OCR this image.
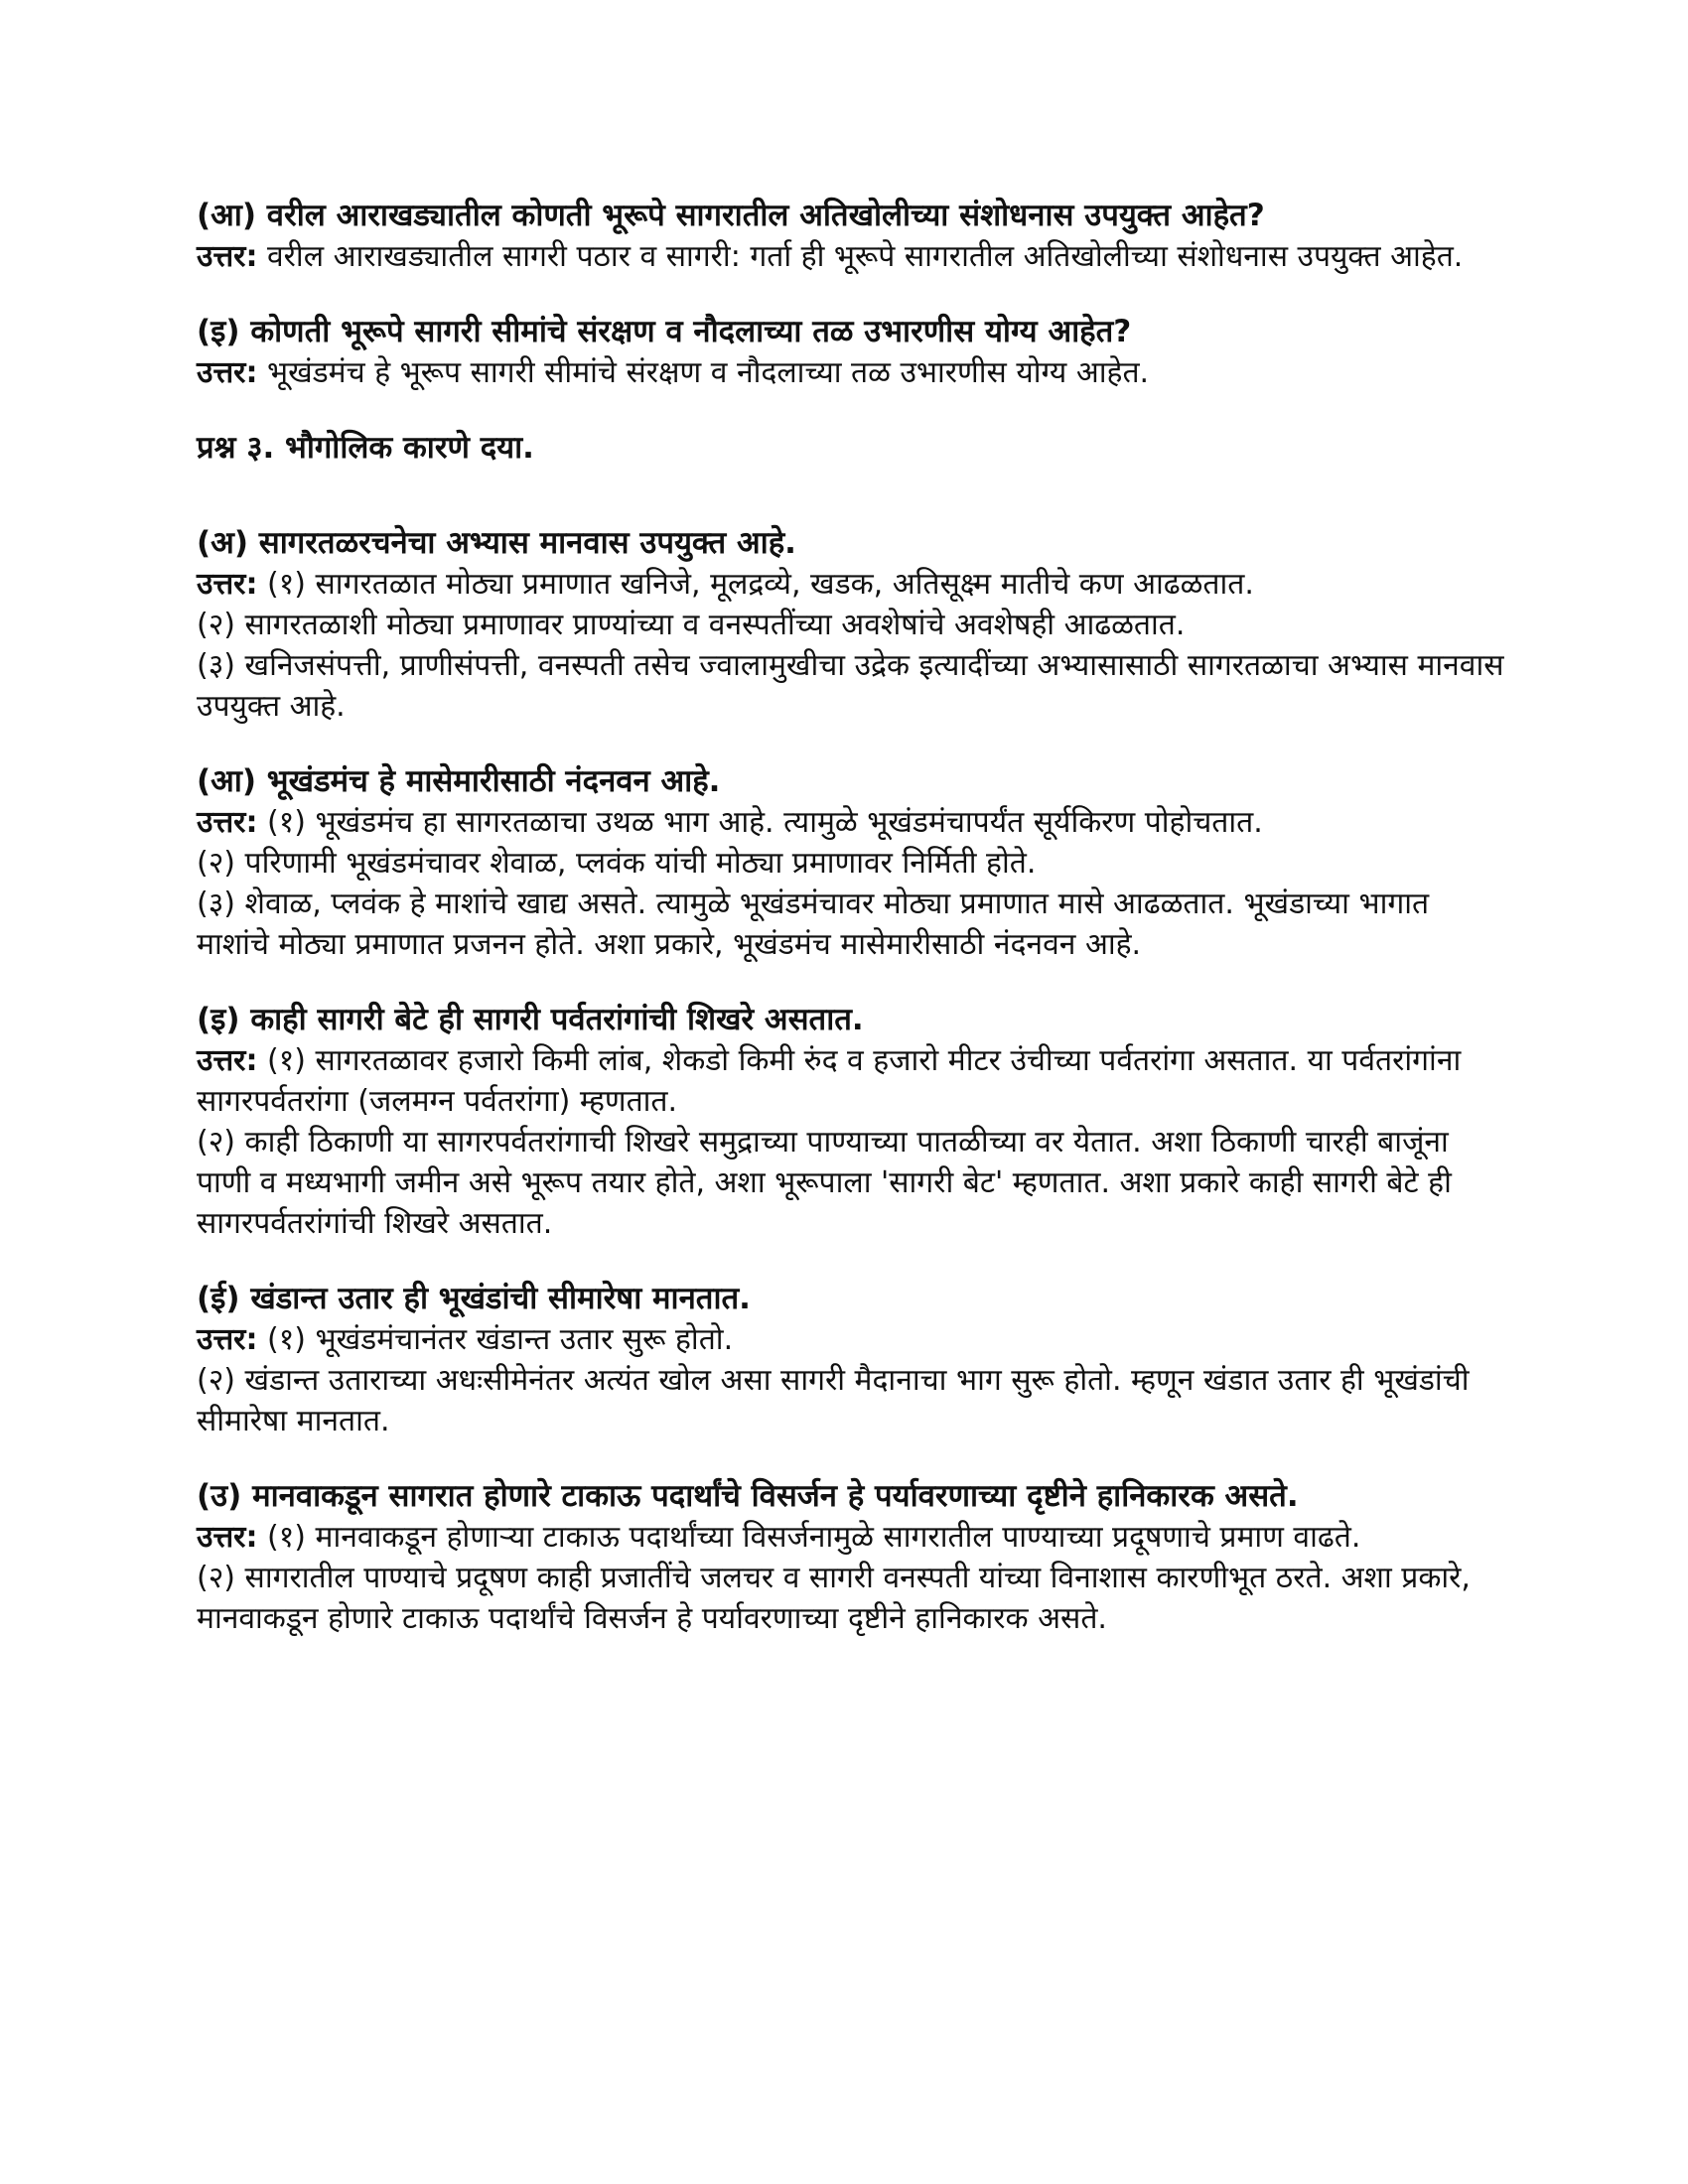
(आ) वरील आराखड्यातील कोणती भूरूपे सागरातील अतिखोलीच्या संशोधनास उपयुक्त आहेत?

उत्तर: वरील आराखड्यातील सागरी पठार व सागरी: गर्ता ही भूरूपे सागरातील अतिखोलीच्या संशोधनास उपयुक्त आहेत.

(इ) कोणती भूरूपे सागरी सीमांचे संरक्षण व नौदलाच्या तळ उभारणीस योग्य आहेत?

उत्तर: भूखंडमंच हे भूरूप सागरी सीमांचे संरक्षण व नौदलाच्या तळ उभारणीस योग्य आहेत.

प्रश्न ३. भौगोलिक कारणे दया.

(अ) सागरतळरचनेचा अभ्यास मानवास उपयुक्त आहे.

उत्तर: (१) सागरतळात मोठ्या प्रमाणात खनिजे, मूलद्रव्ये, खडक, अतिसूक्ष्म मातीचे कण आढळतात.

(२) सागरतळाशी मोठ्या प्रमाणावर प्राण्यांच्या व वनस्पतींच्या अवशेषांचे अवशेषही आढळतात.

(३) खनिजसंपत्ती, प्राणीसंपत्ती, वनस्पती तसेच ज्वालामुखीचा उद्रेक इत्यादींच्या अभ्यासासाठी सागरतळाचा अभ्यास मानवास उपयुक्त आहे.

(आ) भूखंडमंच हे मासेमारीसाठी नंदनवन आहे.

उत्तर: (१) भूखंडमंच हा सागरतळाचा उथळ भाग आहे. त्यामुळे भूखंडमंचापर्यंत सूर्यकिरण पोहोचतात.

(२) परिणामी भूखंडमंचावर शेवाळ, प्लवंक यांची मोठ्या प्रमाणावर निर्मिती होते.

(३) शेवाळ, प्लवंक हे माशांचे खाद्य असते. त्यामुळे भूखंडमंचावर मोठ्या प्रमाणात मासे आढळतात. भूखंडाच्या भागात माशांचे मोठ्या प्रमाणात प्रजनन होते. अशा प्रकारे, भूखंडमंच मासेमारीसाठी नंदनवन आहे.

(इ) काही सागरी बेटे ही सागरी पर्वतरांगांची शिखरे असतात.

उत्तर: (१) सागरतळावर हजारो किमी लांब, शेकडो किमी रुंद व हजारो मीटर उंचीच्या पर्वतरांगा असतात. या पर्वतरांगांना सागरपर्वतरांगा (जलमग्न पर्वतरांगा) म्हणतात.

(२) काही ठिकाणी या सागरपर्वतरांगाची शिखरे समुद्राच्या पाण्याच्या पातळीच्या वर येतात. अशा ठिकाणी चारही बाजूंना पाणी व मध्यभागी जमीन असे भूरूप तयार होते, अशा भूरूपाला 'सागरी बेट' म्हणतात. अशा प्रकारे काही सागरी बेटे ही सागरपर्वतरांगांची शिखरे असतात.

(ई) खंडान्त उतार ही भूखंडांची सीमारेषा मानतात.

उत्तर: (१) भूखंडमंचानंतर खंडान्त उतार सुरू होतो.

(२) खंडान्त उताराच्या अधःसीमेनंतर अत्यंत खोल असा सागरी मैदानाचा भाग सुरू होतो. म्हणून खंडात उतार ही भूखंडांची सीमारेषा मानतात.

(उ) मानवाकडून सागरात होणारे टाकाऊ पदार्थांचे विसर्जन हे पर्यावरणाच्या दृष्टीने हानिकारक असते.

उत्तर: (१) मानवाकडून होणाऱ्या टाकाऊ पदार्थांच्या विसर्जनामुळे सागरातील पाण्याच्या प्रदूषणाचे प्रमाण वाढते.

(२) सागरातील पाण्याचे प्रदूषण काही प्रजातींचे जलचर व सागरी वनस्पती यांच्या विनाशास कारणीभूत ठरते. अशा प्रकारे, मानवाकडून होणारे टाकाऊ पदार्थांचे विसर्जन हे पर्यावरणाच्या दृष्टीने हानिकारक असते.
